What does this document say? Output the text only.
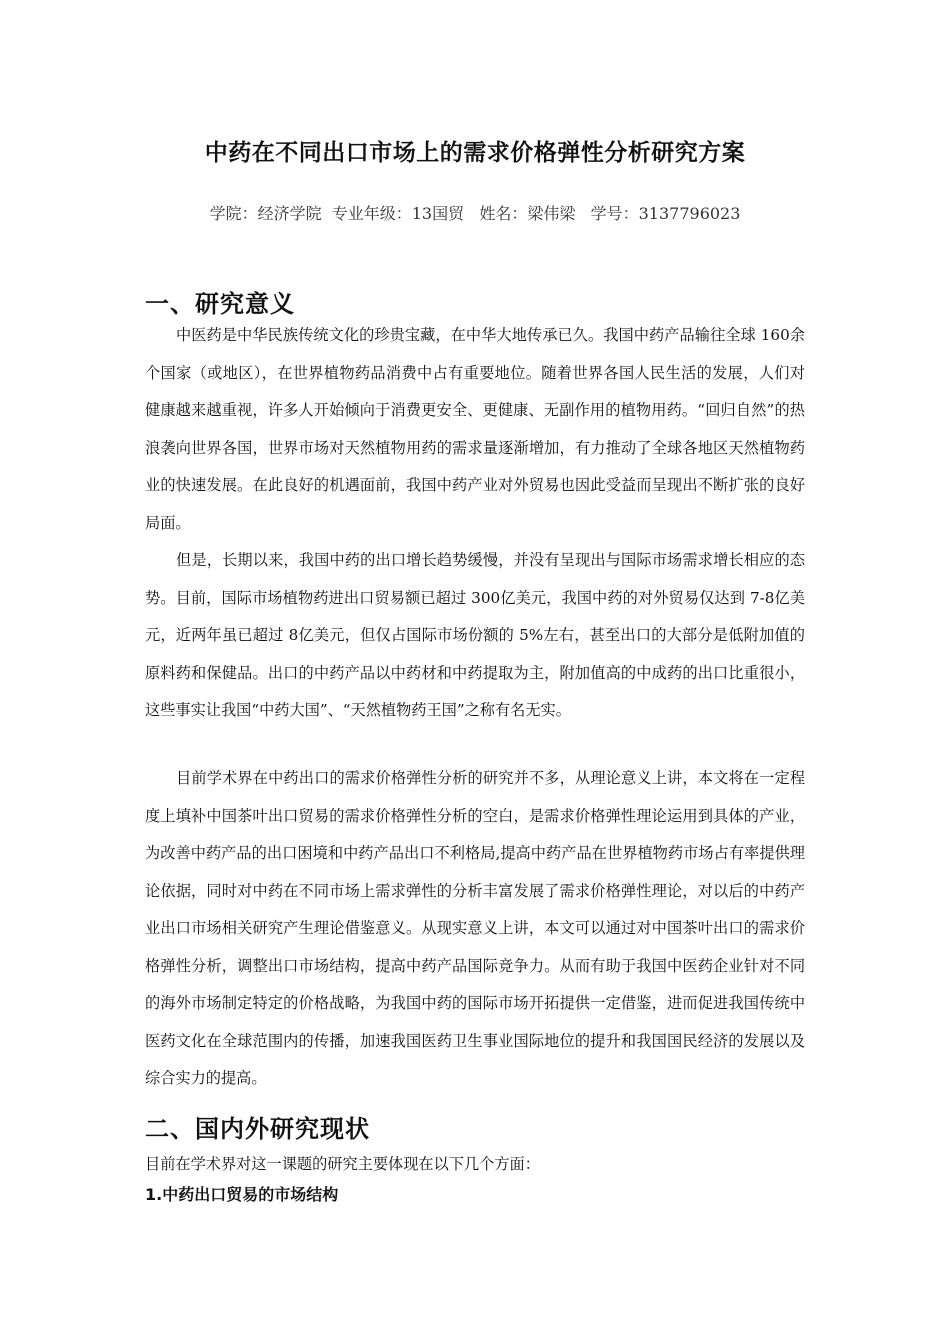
中药在不同出口市场上的需求价格弹性分析研究方案
学院：经济学院  专业年级：13国贸   姓名：梁伟梁   学号：3137796023
一、研究意义

中医药是中华民族传统文化的珍贵宝藏，在中华大地传承已久。我国中药产品输往全球 160余个国家（或地区），在世界植物药品消费中占有重要地位。随着世界各国人民生活的发展，人们对健康越来越重视，许多人开始倾向于消费更安全、更健康、无副作用的植物用药。“回归自然”的热浪袭向世界各国，世界市场对天然植物用药的需求量逐渐增加，有力推动了全球各地区天然植物药业的快速发展。在此良好的机遇面前，我国中药产业对外贸易也因此受益而呈现出不断扩张的良好局面。

但是，长期以来，我国中药的出口增长趋势缓慢，并没有呈现出与国际市场需求增长相应的态势。目前，国际市场植物药进出口贸易额已超过 300亿美元，我国中药的对外贸易仅达到 7-8亿美元，近两年虽已超过 8亿美元，但仅占国际市场份额的 5%左右，甚至出口的大部分是低附加值的原料药和保健品。出口的中药产品以中药材和中药提取为主，附加值高的中成药的出口比重很小，这些事实让我国“中药大国”、“天然植物药王国”之称有名无实。

目前学术界在中药出口的需求价格弹性分析的研究并不多，从理论意义上讲，本文将在一定程度上填补中国茶叶出口贸易的需求价格弹性分析的空白，是需求价格弹性理论运用到具体的产业，为改善中药产品的出口困境和中药产品出口不利格局,提高中药产品在世界植物药市场占有率提供理论依据，同时对中药在不同市场上需求弹性的分析丰富发展了需求价格弹性理论，对以后的中药产业出口市场相关研究产生理论借鉴意义。从现实意义上讲，本文可以通过对中国茶叶出口的需求价格弹性分析，调整出口市场结构，提高中药产品国际竞争力。从而有助于我国中医药企业针对不同的海外市场制定特定的价格战略，为我国中药的国际市场开拓提供一定借鉴，进而促进我国传统中医药文化在全球范围内的传播，加速我国医药卫生事业国际地位的提升和我国国民经济的发展以及综合实力的提高。

二、国内外研究现状

目前在学术界对这一课题的研究主要体现在以下几个方面：

1.中药出口贸易的市场结构
